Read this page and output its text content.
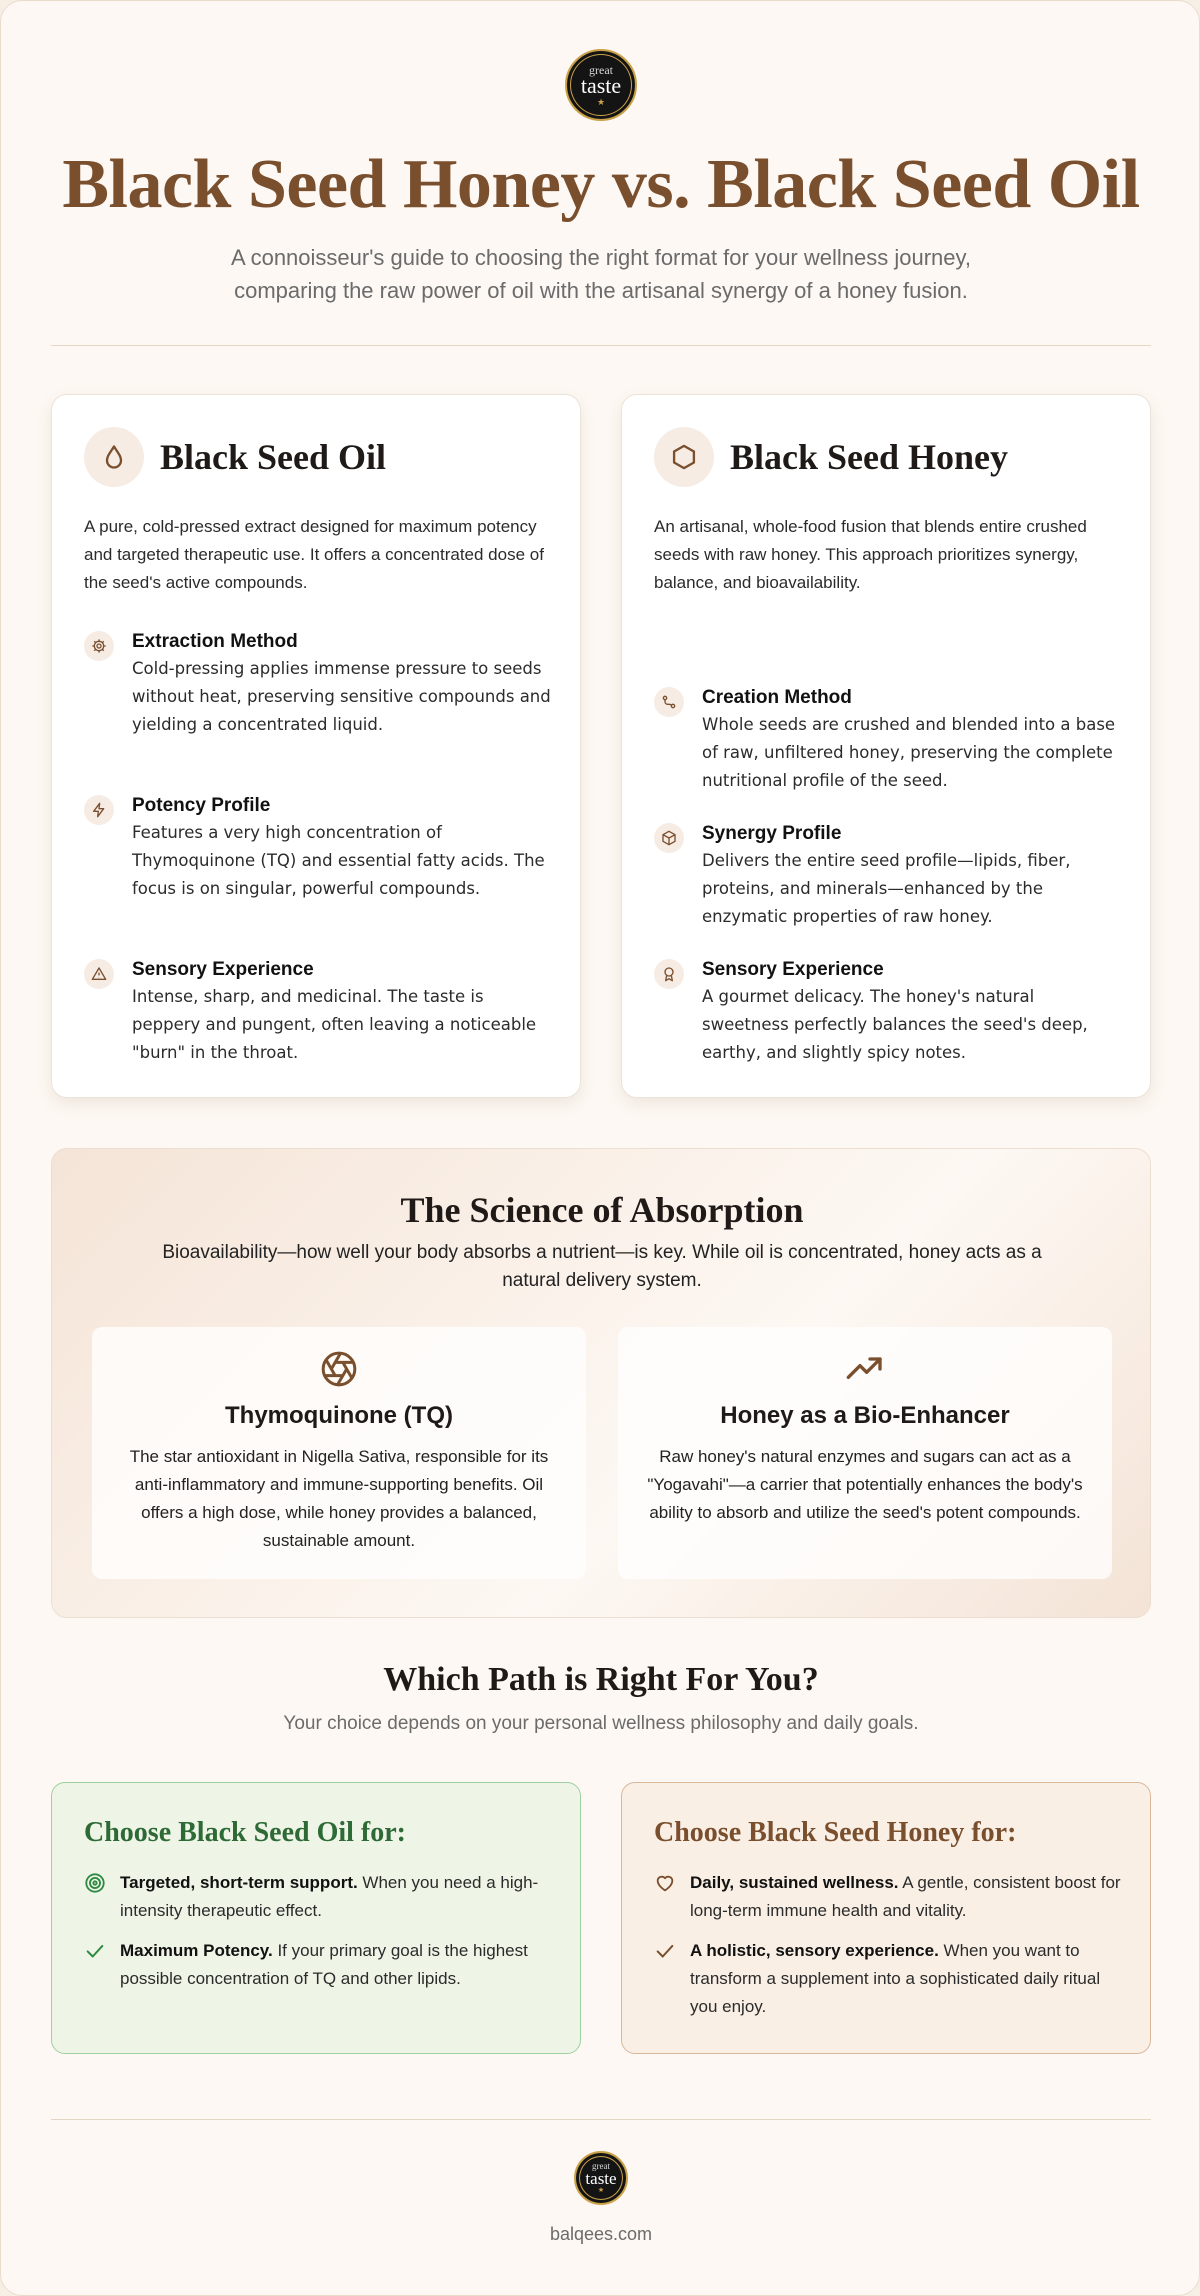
great
taste
★
Black Seed Honey vs. Black Seed Oil

A connoisseur's guide to choosing the right format for your wellness journey,
comparing the raw power of oil with the artisanal synergy of a honey fusion.

Black Seed Oil

A pure, cold-pressed extract designed for maximum potency and targeted therapeutic use. It offers a concentrated dose of the seed's active compounds.

Extraction Method
Cold-pressing applies immense pressure to seeds without heat, preserving sensitive compounds and yielding a concentrated liquid.
Potency Profile
Features a very high concentration of Thymoquinone (TQ) and essential fatty acids. The focus is on singular, powerful compounds.
Sensory Experience
Intense, sharp, and medicinal. The taste is peppery and pungent, often leaving a noticeable "burn" in the throat.
Black Seed Honey

An artisanal, whole-food fusion that blends entire crushed seeds with raw honey. This approach prioritizes synergy, balance, and bioavailability.

Creation Method
Whole seeds are crushed and blended into a base of raw, unfiltered honey, preserving the complete nutritional profile of the seed.
Synergy Profile
Delivers the entire seed profile—lipids, fiber, proteins, and minerals—enhanced by the enzymatic properties of raw honey.
Sensory Experience
A gourmet delicacy. The honey's natural sweetness perfectly balances the seed's deep, earthy, and slightly spicy notes.
The Science of Absorption

Bioavailability—how well your body absorbs a nutrient—is key. While oil is concentrated, honey acts as a natural delivery system.

Thymoquinone (TQ)

The star antioxidant in Nigella Sativa, responsible for its anti-inflammatory and immune-supporting benefits. Oil offers a high dose, while honey provides a balanced, sustainable amount.

Honey as a Bio-Enhancer

Raw honey's natural enzymes and sugars can act as a "Yogavahi"—a carrier that potentially enhances the body's ability to absorb and utilize the seed's potent compounds.

Which Path is Right For You?

Your choice depends on your personal wellness philosophy and daily goals.

Choose Black Seed Oil for:

Targeted, short-term support. When you need a high-intensity therapeutic effect.

Maximum Potency. If your primary goal is the highest possible concentration of TQ and other lipids.

Choose Black Seed Honey for:

Daily, sustained wellness. A gentle, consistent boost for long-term immune health and vitality.

A holistic, sensory experience. When you want to transform a supplement into a sophisticated daily ritual you enjoy.

great
taste
★
balqees.com
